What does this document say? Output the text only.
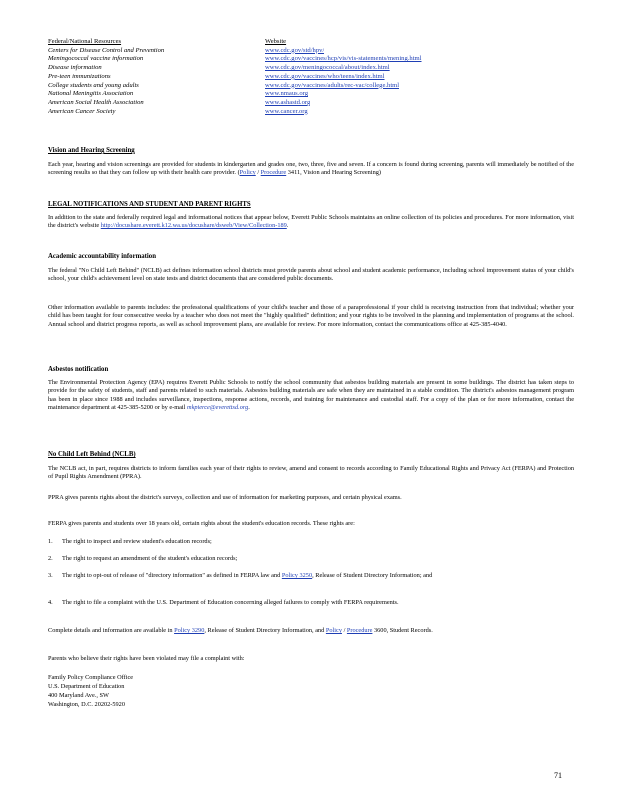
Federal/National Resources	Website
Centers for Disease Control and Prevention	www.cdc.gov/std/hpv/
Meningococcal vaccine information	www.cdc.gov/vaccines/hcp/vis/vis-statements/mening.html
Disease information	www.cdc.gov/meningococcal/about/index.html
Pre-teen immunizations	www.cdc.gov/vaccines/who/teens/index.html
College students and young adults	www.cdc.gov/vaccines/adults/rec-vac/college.html
National Meningitis Association	www.nmaus.org
American Social Health Association	www.ashastd.org
American Cancer Society	www.cancer.org
Vision and Hearing Screening
Each year, hearing and vision screenings are provided for students in kindergarten and grades one, two, three, five and seven. If a concern is found during screening, parents will immediately be notified of the screening results so that they can follow up with their health care provider. (Policy / Procedure 3411, Vision and Hearing Screening)
LEGAL NOTIFICATIONS AND STUDENT AND PARENT RIGHTS
In addition to the state and federally required legal and informational notices that appear below, Everett Public Schools maintains an online collection of its policies and procedures. For more information, visit the district's website http://docushare.everett.k12.wa.us/docushare/dsweb/View/Collection-189.
Academic accountability information
The federal "No Child Left Behind" (NCLB) act defines information school districts must provide parents about school and student academic performance, including school improvement status of your child's school, your child's achievement level on state tests and district documents that are considered public documents.
Other information available to parents includes: the professional qualifications of your child's teacher and those of a paraprofessional if your child is receiving instruction from that individual; whether your child has been taught for four consecutive weeks by a teacher who does not meet the "highly qualified" definition; and your rights to be involved in the planning and implementation of programs at the school. Annual school and district progress reports, as well as school improvement plans, are available for review. For more information, contact the communications office at 425-385-4040.
Asbestos notification
The Environmental Protection Agency (EPA) requires Everett Public Schools to notify the school community that asbestos building materials are present in some buildings. The district has taken steps to provide for the safety of students, staff and parents related to such materials. Asbestos building materials are safe when they are maintained in a stable condition. The district's asbestos management program has been in place since 1988 and includes surveillance, inspections, response actions, records, and training for maintenance and custodial staff. For a copy of the plan or for more information, contact the maintenance department at 425-385-5200 or by e-mail mkpierce@everettsd.org.
No Child Left Behind (NCLB)
The NCLB act, in part, requires districts to inform families each year of their rights to review, amend and consent to records according to Family Educational Rights and Privacy Act (FERPA) and Protection of Pupil Rights Amendment (PPRA).
PPRA gives parents rights about the district's surveys, collection and use of information for marketing purposes, and certain physical exams.
FERPA gives parents and students over 18 years old, certain rights about the student's education records. These rights are:
1.	The right to inspect and review student's education records;
2.	The right to request an amendment of the student's education records;
3.	The right to opt-out of release of "directory information" as defined in FERPA law and Policy 3250, Release of Student Directory Information; and
4.	The right to file a complaint with the U.S. Department of Education concerning alleged failures to comply with FERPA requirements.
Complete details and information are available in Policy 3290, Release of Student Directory Information, and Policy / Procedure 3600, Student Records.
Parents who believe their rights have been violated may file a complaint with:
Family Policy Compliance Office
U.S. Department of Education
400 Maryland Ave., SW
Washington, D.C. 20202-5920
71
